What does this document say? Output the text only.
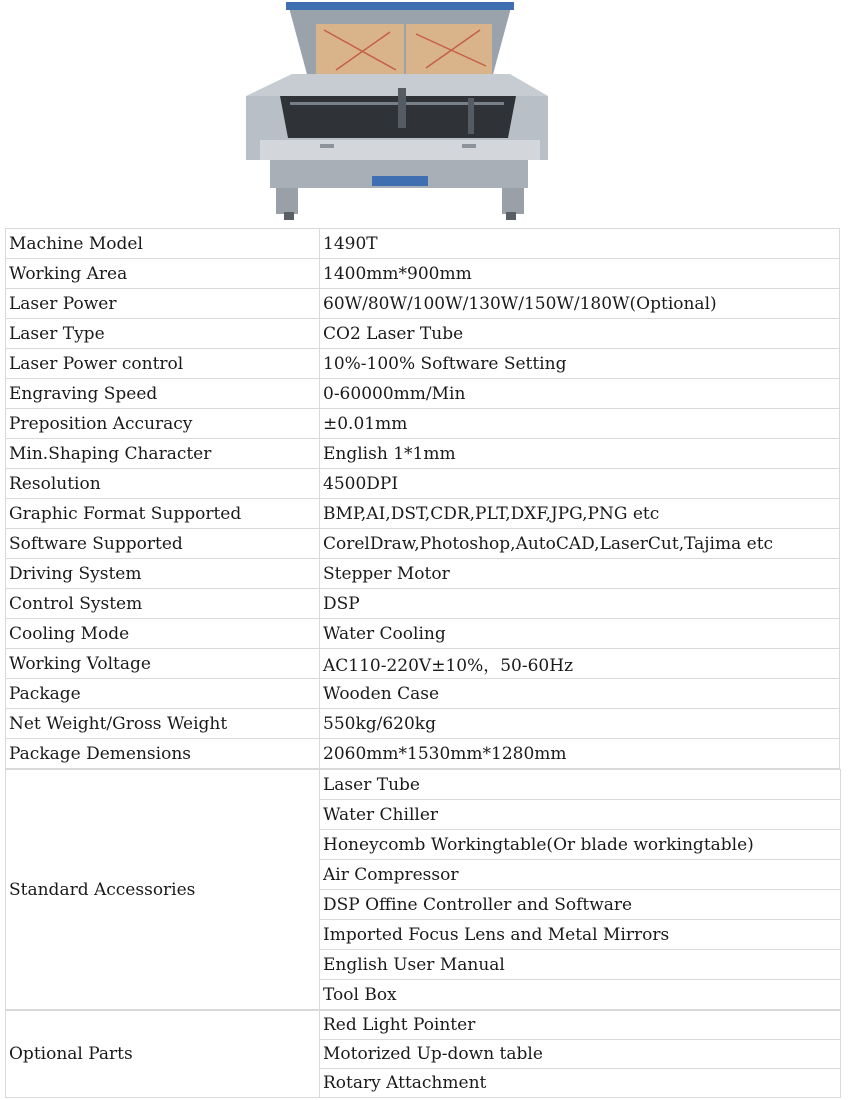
Machine Model	1490T
Working Area	1400mm*900mm
Laser Power	60W/80W/100W/130W/150W/180W(Optional)
Laser Type	CO2 Laser Tube
Laser Power control	10%-100% Software Setting
Engraving Speed	0-60000mm/Min
Preposition Accuracy	±0.01mm
Min.Shaping Character	English 1*1mm
Resolution	4500DPI
Graphic Format Supported	BMP,AI,DST,CDR,PLT,DXF,JPG,PNG etc
Software Supported	CorelDraw,Photoshop,AutoCAD,LaserCut,Tajima etc
Driving System	Stepper Motor
Control System	DSP
Cooling Mode	Water Cooling
Working Voltage	AC110-220V±10%，50-60Hz
Package	Wooden Case
Net Weight/Gross Weight	550kg/620kg
Package Demensions	2060mm*1530mm*1280mm
Standard Accessories	Laser Tube
Water Chiller
Honeycomb Workingtable(Or blade workingtable)
Air Compressor
DSP Offine Controller and Software
Imported Focus Lens and Metal Mirrors
English User Manual
Tool Box
Optional Parts	Red Light Pointer
Motorized Up-down table
Rotary Attachment
